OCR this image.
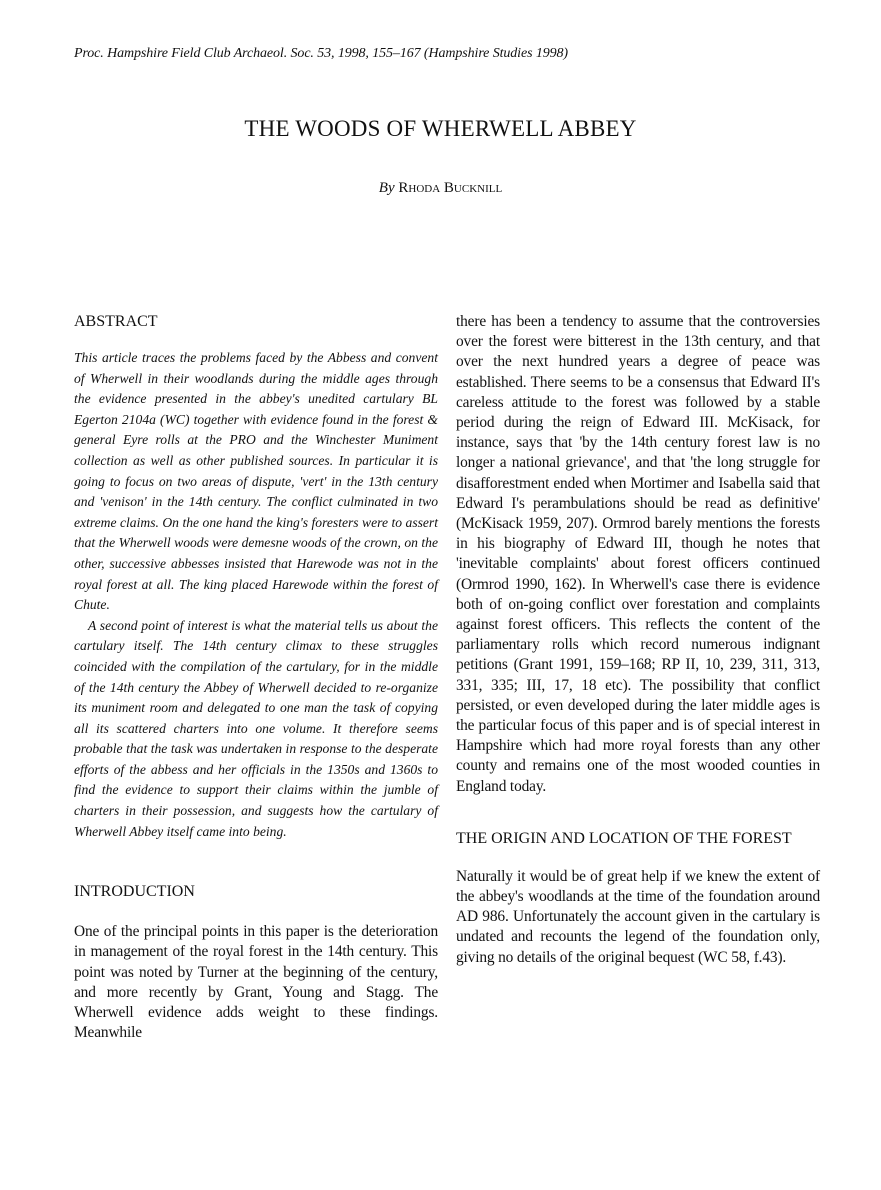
Proc. Hampshire Field Club Archaeol. Soc. 53, 1998, 155–167 (Hampshire Studies 1998)
THE WOODS OF WHERWELL ABBEY
By Rhoda Bucknill
ABSTRACT

This article traces the problems faced by the Abbess and convent of Wherwell in their woodlands during the middle ages through the evidence presented in the abbey's unedited cartulary BL Egerton 2104a (WC) together with evidence found in the forest & general Eyre rolls at the PRO and the Winchester Muniment collection as well as other published sources. In particular it is going to focus on two areas of dispute, 'vert' in the 13th century and 'venison' in the 14th century. The conflict culminated in two extreme claims. On the one hand the king's foresters were to assert that the Wherwell woods were demesne woods of the crown, on the other, successive abbesses insisted that Harewode was not in the royal forest at all. The king placed Harewode within the forest of Chute.

A second point of interest is what the material tells us about the cartulary itself. The 14th century climax to these struggles coincided with the compilation of the cartulary, for in the middle of the 14th century the Abbey of Wherwell decided to re-organize its muniment room and delegated to one man the task of copying all its scattered charters into one volume. It therefore seems probable that the task was undertaken in response to the desperate efforts of the abbess and her officials in the 1350s and 1360s to find the evidence to support their claims within the jumble of charters in their possession, and suggests how the cartulary of Wherwell Abbey itself came into being.

INTRODUCTION

One of the principal points in this paper is the deterioration in management of the royal forest in the 14th century. This point was noted by Turner at the beginning of the century, and more recently by Grant, Young and Stagg. The Wherwell evidence adds weight to these findings. Meanwhile

there has been a tendency to assume that the controversies over the forest were bitterest in the 13th century, and that over the next hundred years a degree of peace was established. There seems to be a consensus that Edward II's careless attitude to the forest was followed by a stable period during the reign of Edward III. McKisack, for instance, says that 'by the 14th century forest law is no longer a national grievance', and that 'the long struggle for disafforestment ended when Mortimer and Isabella said that Edward I's perambulations should be read as definitive' (McKisack 1959, 207). Ormrod barely mentions the forests in his biography of Edward III, though he notes that 'inevitable complaints' about forest officers continued (Ormrod 1990, 162). In Wherwell's case there is evidence both of on-going conflict over forestation and complaints against forest officers. This reflects the content of the parliamentary rolls which record numerous indignant petitions (Grant 1991, 159–168; RP II, 10, 239, 311, 313, 331, 335; III, 17, 18 etc). The possibility that conflict persisted, or even developed during the later middle ages is the particular focus of this paper and is of special interest in Hampshire which had more royal forests than any other county and remains one of the most wooded counties in England today.

THE ORIGIN AND LOCATION OF THE FOREST

Naturally it would be of great help if we knew the extent of the abbey's woodlands at the time of the foundation around AD 986. Unfortunately the account given in the cartulary is undated and recounts the legend of the foundation only, giving no details of the original bequest (WC 58, f.43).
